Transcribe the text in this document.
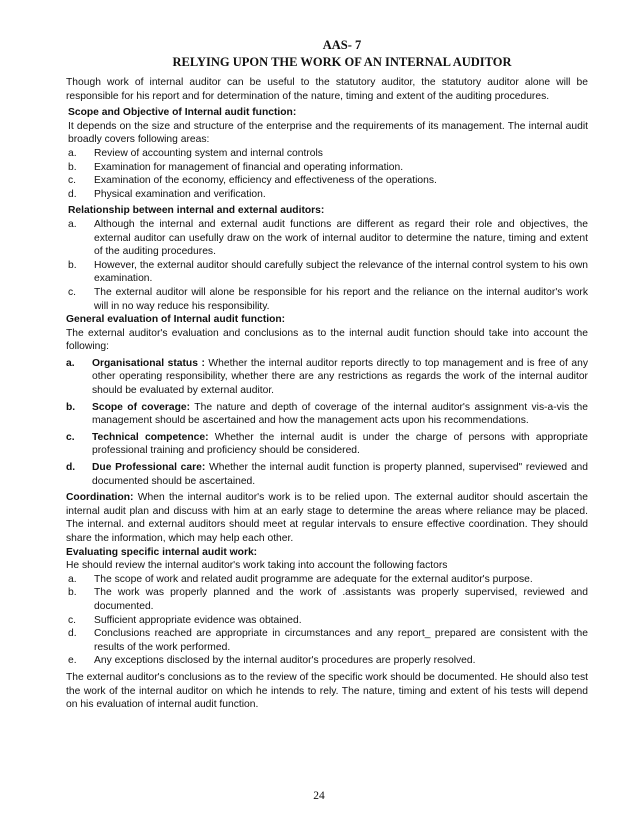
AAS- 7
RELYING UPON THE WORK OF AN INTERNAL AUDITOR

Though work of internal auditor can be useful to the statutory auditor, the statutory auditor alone will be responsible for his report and for determination of the nature, timing and extent of the auditing procedures.

Scope and Objective of Internal audit function:

It depends on the size and structure of the enterprise and the requirements of its management. The internal audit broadly covers following areas:

a.	Review of accounting system and internal controls
b.	Examination for management of financial and operating information.
c.	Examination of the economy, efficiency and effectiveness of the operations.
d.	Physical examination and verification.

Relationship between internal and external auditors:

a.	Although the internal and external audit functions are different as regard their role and objectives, the external auditor can usefully draw on the work of internal auditor to determine the nature, timing and extent of the auditing procedures.
b.	However, the external auditor should carefully subject the relevance of the internal control system to his own examination.
c.	The external auditor will alone be responsible for his report and the reliance on the internal auditor's work will in no way reduce his responsibility.

General evaluation of Internal audit function:

The external auditor's evaluation and conclusions as to the internal audit function should take into account the following:

a.	Organisational status : Whether the internal auditor reports directly to top management and is free of any other operating responsibility, whether there are any restrictions as regards the work of the internal auditor should be evaluated by external auditor.
b.	Scope of coverage: The nature and depth of coverage of the internal auditor's assignment vis-a-vis the management should be ascertained and how the management acts upon his recommendations.
c.	Technical competence: Whether the internal audit is under the charge of persons with appropriate professional training and proficiency should be considered.
d.	Due Professional care: Whether the internal audit function is property planned, supervised" reviewed and documented should be ascertained.

Coordination: When the internal auditor's work is to be relied upon. The external auditor should ascertain the internal audit plan and discuss with him at an early stage to determine the areas where reliance may be placed. The internal. and external auditors should meet at regular intervals to ensure effective coordination. They should share the information, which may help each other.

Evaluating specific internal audit work:

He should review the internal auditor's work taking into account the following factors

a.	The scope of work and related audit programme are adequate for the external auditor's purpose.
b.	The work was properly planned and the work of .assistants was properly supervised, reviewed and documented.
c.	Sufficient appropriate evidence was obtained.
d.	Conclusions reached are appropriate in circumstances and any report_ prepared are consistent with the results of the work performed.
e.	Any exceptions disclosed by the internal auditor's procedures are properly resolved.

The external auditor's conclusions as to the review of the specific work should be documented. He should also test the work of the internal auditor on which he intends to rely. The nature, timing and extent of his tests will depend on his evaluation of internal audit function.

24
